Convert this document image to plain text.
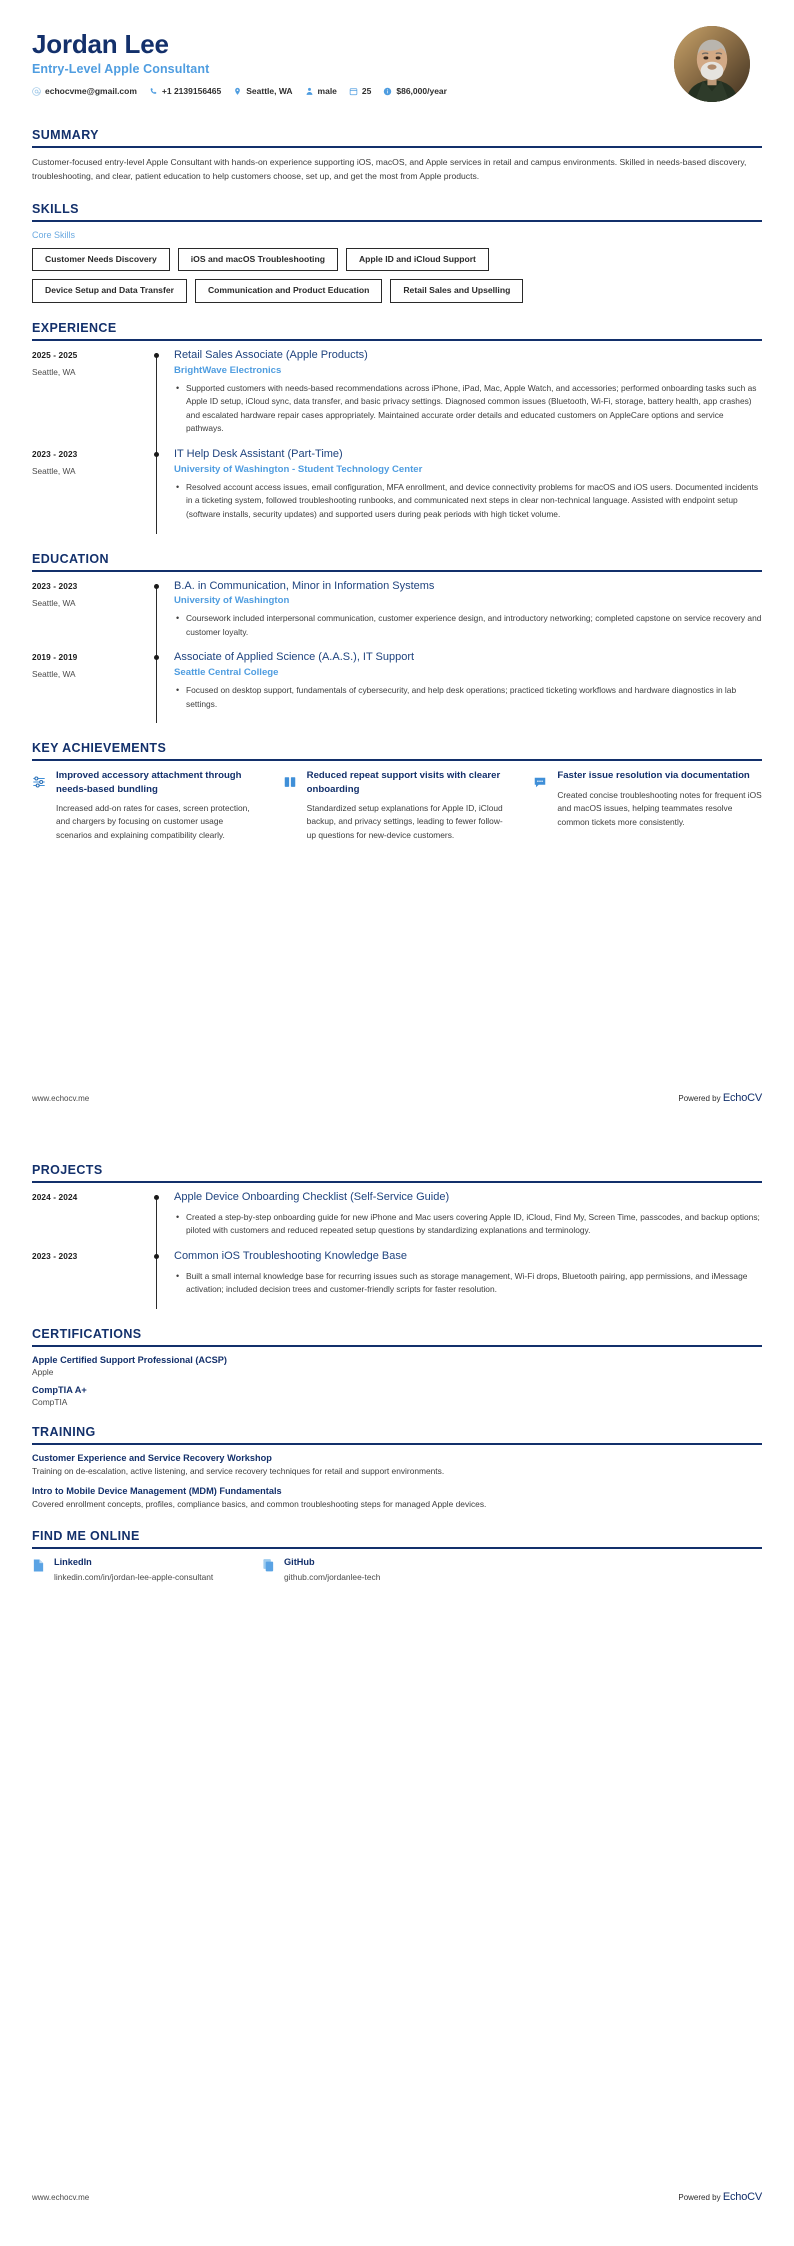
Jordan Lee
Entry-Level Apple Consultant
echocvme@gmail.com	+1 2139156465	Seattle, WA	male	25 i $86,000/year
SUMMARY
Customer-focused entry-level Apple Consultant with hands-on experience supporting iOS, macOS, and Apple services in retail and campus environments. Skilled in needs-based discovery, troubleshooting, and clear, patient education to help customers choose, set up, and get the most from Apple products.
SKILLS
Core Skills
Customer Needs Discovery	iOS and macOS Troubleshooting	Apple ID and iCloud Support
Device Setup and Data Transfer	Communication and Product Education	Retail Sales and Upselling
EXPERIENCE
2025 - 2025
Seattle, WA
Retail Sales Associate (Apple Products)
BrightWave Electronics
• Supported customers with needs-based recommendations across iPhone, iPad, Mac, Apple Watch, and accessories; performed onboarding tasks such as Apple ID setup, iCloud sync, data transfer, and basic privacy settings. Diagnosed common issues (Bluetooth, Wi-Fi, storage, battery health, app crashes) and escalated hardware repair cases appropriately. Maintained accurate order details and educated customers on AppleCare options and service pathways.
2023 - 2023
Seattle, WA
IT Help Desk Assistant (Part-Time)
University of Washington - Student Technology Center
• Resolved account access issues, email configuration, MFA enrollment, and device connectivity problems for macOS and iOS users. Documented incidents in a ticketing system, followed troubleshooting runbooks, and communicated next steps in clear non-technical language. Assisted with endpoint setup (software installs, security updates) and supported users during peak periods with high ticket volume.
EDUCATION
2023 - 2023
Seattle, WA
B.A. in Communication, Minor in Information Systems
University of Washington
• Coursework included interpersonal communication, customer experience design, and introductory networking; completed capstone on service recovery and customer loyalty.
2019 - 2019
Seattle, WA
Associate of Applied Science (A.A.S.), IT Support
Seattle Central College
• Focused on desktop support, fundamentals of cybersecurity, and help desk operations; practiced ticketing workflows and hardware diagnostics in lab settings.
KEY ACHIEVEMENTS
Improved accessory attachment through needs-based bundling
Increased add-on rates for cases, screen protection, and chargers by focusing on customer usage scenarios and explaining compatibility clearly.
Reduced repeat support visits with clearer onboarding
Standardized setup explanations for Apple ID, iCloud backup, and privacy settings, leading to fewer follow-up questions for new-device customers.
Faster issue resolution via documentation
Created concise troubleshooting notes for frequent iOS and macOS issues, helping teammates resolve common tickets more consistently.
www.echocv.me	Powered by EchoCV
PROJECTS
2024 - 2024	Apple Device Onboarding Checklist (Self-Service Guide)
• Created a step-by-step onboarding guide for new iPhone and Mac users covering Apple ID, iCloud, Find My, Screen Time, passcodes, and backup options; piloted with customers and reduced repeated setup questions by standardizing explanations and terminology.
2023 - 2023	Common iOS Troubleshooting Knowledge Base
• Built a small internal knowledge base for recurring issues such as storage management, Wi-Fi drops, Bluetooth pairing, app permissions, and iMessage activation; included decision trees and customer-friendly scripts for faster resolution.
CERTIFICATIONS
Apple Certified Support Professional (ACSP)
Apple
CompTIA A+
CompTIA
TRAINING
Customer Experience and Service Recovery Workshop
Training on de-escalation, active listening, and service recovery techniques for retail and support environments.
Intro to Mobile Device Management (MDM) Fundamentals
Covered enrollment concepts, profiles, compliance basics, and common troubleshooting steps for managed Apple devices.
FIND ME ONLINE
LinkedIn
linkedin.com/in/jordan-lee-apple-consultant
GitHub
github.com/jordanlee-tech
www.echocv.me	Powered by EchoCV
